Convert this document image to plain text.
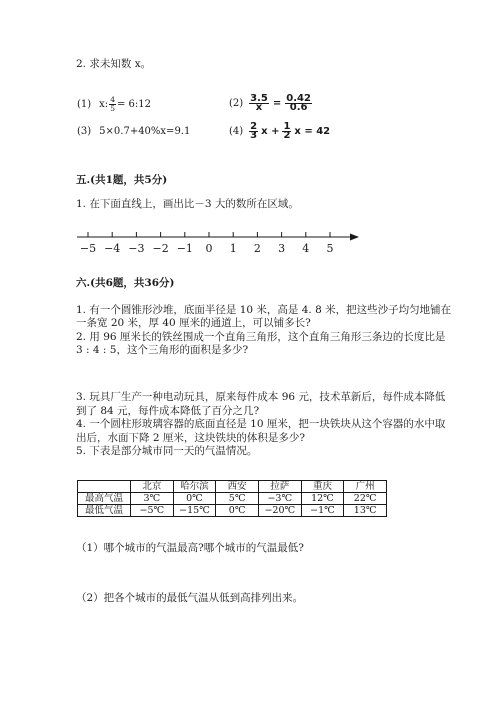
2. 求未知数 x。
(1) x: $\frac{4}{5}$ = 6:12	$(2) \frac{3.5}{x} = \frac{0.42}{0.6}$
(3) 5×0.7+40%x=9.1	$(4) \frac{2}{3}$ $x + \frac{1}{2}$ x = 42
五.(共1题，共5分)
1. 在下面直线上，画出比－3 大的数所在区域。
−5 −4 −3 −2 −1 0 1 2 3 4 5
六.(共6题，共36分)
1. 有一个圆锥形沙堆，底面半径是 10 米，高是 4. 8 米，把这些沙子均匀地铺在
一条宽 20 米，厚 40 厘米的通道上，可以铺多长?
2. 用 96 厘米长的铁丝围成一个直角三角形，这个直角三角形三条边的长度比是
3 : 4 : 5，这个三角形的面积是多少?
3. 玩具厂生产一种电动玩具，原来每件成本 96 元，技术革新后，每件成本降低
到了 84 元，每件成本降低了百分之几?
4. 一个圆柱形玻璃容器的底面直径是 10 厘米，把一块铁块从这个容器的水中取
出后，水面下降 2 厘米，这块铁块的体积是多少?
5. 下表是部分城市同一天的气温情况。
	北京	哈尔滨	西安	拉萨	重庆	广州
最高气温	3℃	0℃	5℃	−3℃	12℃	22℃
最低气温	−5℃	−15℃	0℃	−20℃	−1℃	13℃
（1）哪个城市的气温最高?哪个城市的气温最低?
（2）把各个城市的最低气温从低到高排列出来。
